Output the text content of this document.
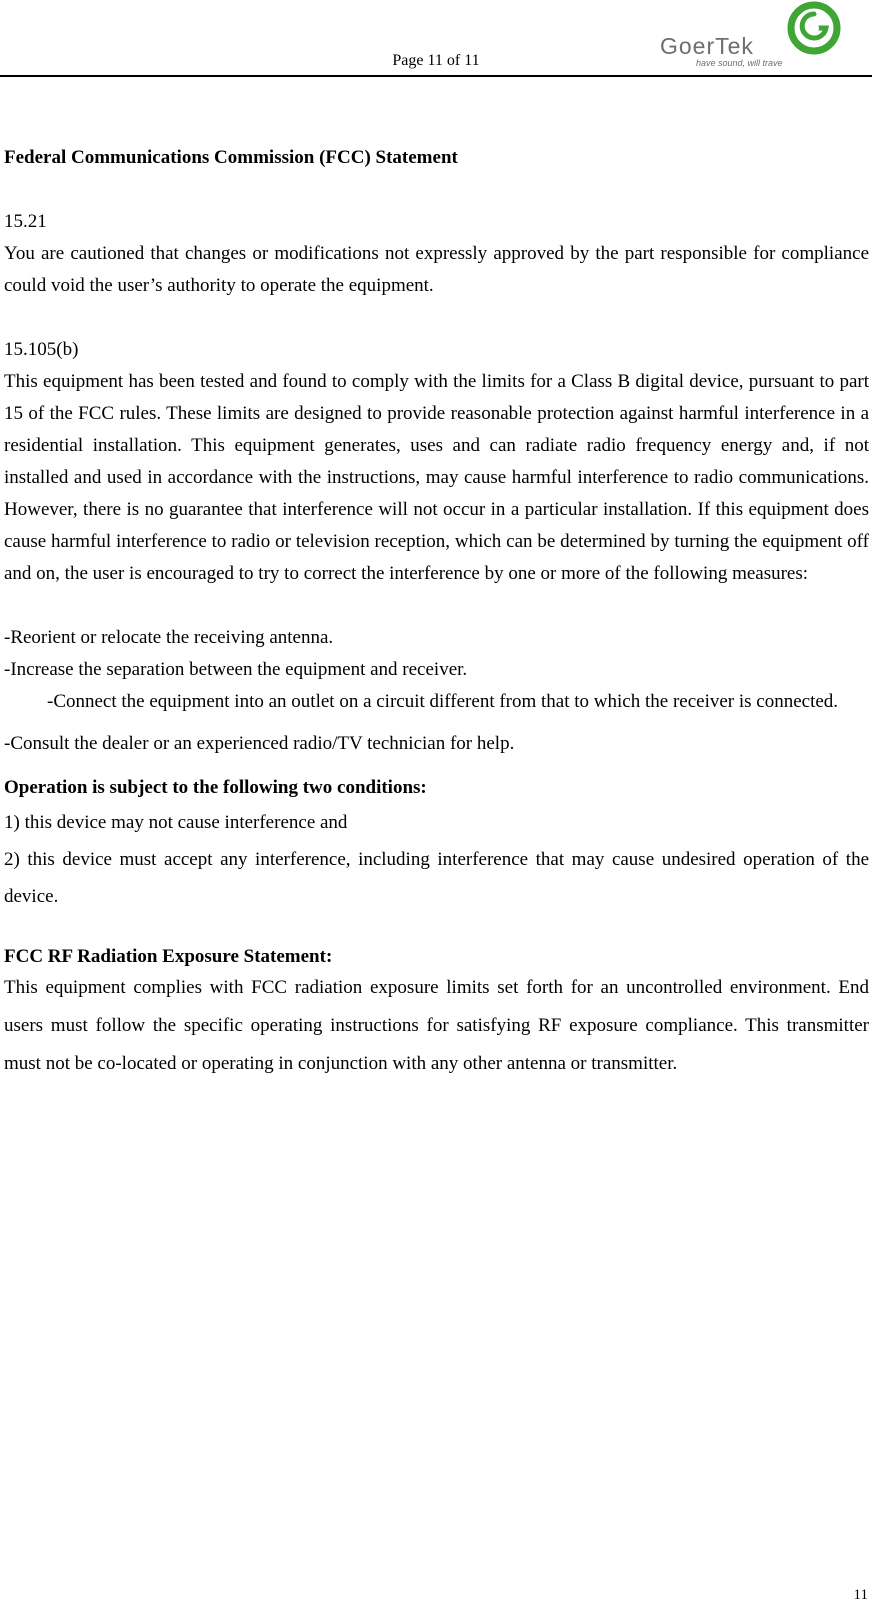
Page 11 of 11
GoerTek
have sound, will trave

Federal Communications Commission (FCC) Statement

15.21

You are cautioned that changes or modifications not expressly approved by the part responsible for compliance could void the user’s authority to operate the equipment.

15.105(b)

This equipment has been tested and found to comply with the limits for a Class B digital device, pursuant to part 15 of the FCC rules. These limits are designed to provide reasonable protection against harmful interference in a residential installation. This equipment generates, uses and can radiate radio frequency energy and, if not installed and used in accordance with the instructions, may cause harmful interference to radio communications. However, there is no guarantee that interference will not occur in a particular installation. If this equipment does cause harmful interference to radio or television reception, which can be determined by turning the equipment off and on, the user is encouraged to try to correct the interference by one or more of the following measures:

-Reorient or relocate the receiving antenna.

-Increase the separation between the equipment and receiver.

-Connect the equipment into an outlet on a circuit different from that to which the receiver is connected.

-Consult the dealer or an experienced radio/TV technician for help.

Operation is subject to the following two conditions:

1) this device may not cause interference and

2) this device must accept any interference, including interference that may cause undesired operation of the device.

FCC RF Radiation Exposure Statement:

This equipment complies with FCC radiation exposure limits set forth for an uncontrolled environment. End users must follow the specific operating instructions for satisfying RF exposure compliance. This transmitter must not be co-located or operating in conjunction with any other antenna or transmitter.

11
